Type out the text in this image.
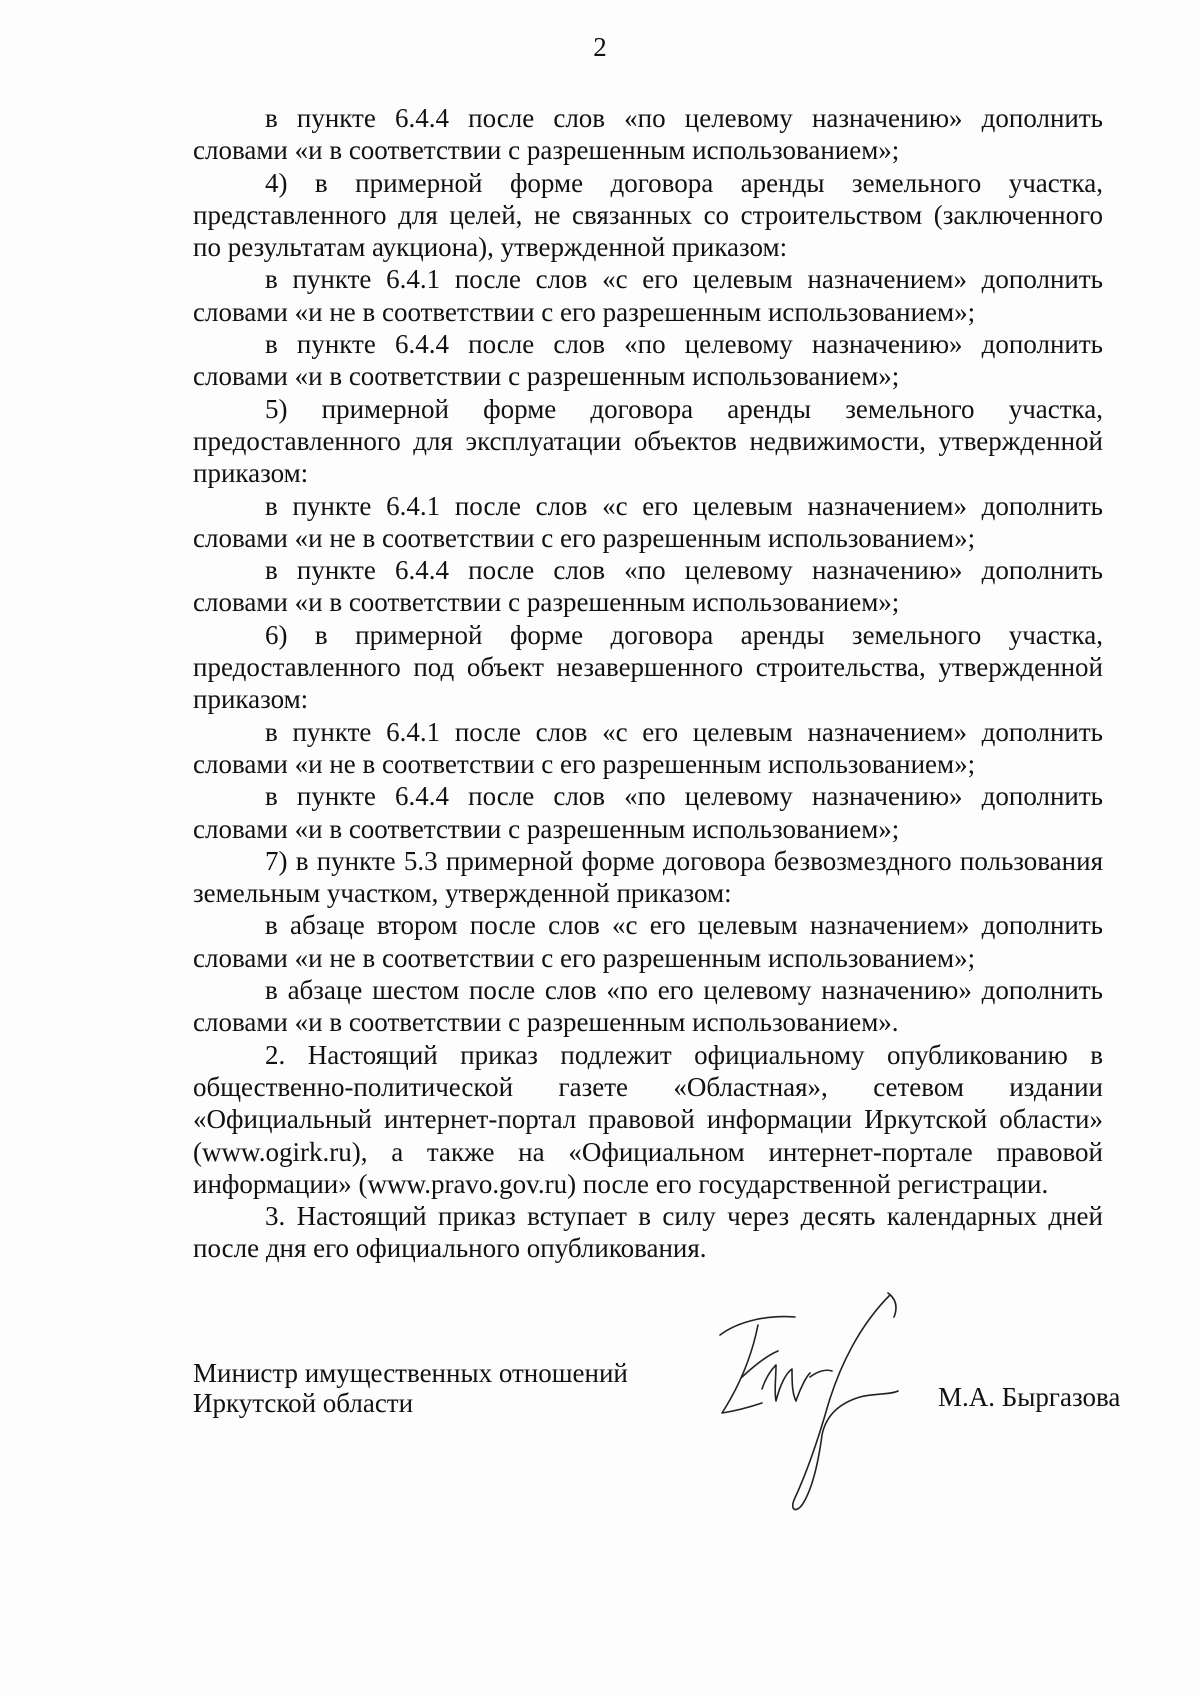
2

в пункте 6.4.4 после слов «по целевому назначению» дополнить словами «и в соответствии с разрешенным использованием»;

4) в примерной форме договора аренды земельного участка, представленного для целей, не связанных со строительством (заключенного по результатам аукциона), утвержденной приказом:

в пункте 6.4.1 после слов «с его целевым назначением» дополнить словами «и не в соответствии с его разрешенным использованием»;

в пункте 6.4.4 после слов «по целевому назначению» дополнить словами «и в соответствии с разрешенным использованием»;

5) примерной форме договора аренды земельного участка, предоставленного для эксплуатации объектов недвижимости, утвержденной приказом:

в пункте 6.4.1 после слов «с его целевым назначением» дополнить словами «и не в соответствии с его разрешенным использованием»;

в пункте 6.4.4 после слов «по целевому назначению» дополнить словами «и в соответствии с разрешенным использованием»;

6) в примерной форме договора аренды земельного участка, предоставленного под объект незавершенного строительства, утвержденной приказом:

в пункте 6.4.1 после слов «с его целевым назначением» дополнить словами «и не в соответствии с его разрешенным использованием»;

в пункте 6.4.4 после слов «по целевому назначению» дополнить словами «и в соответствии с разрешенным использованием»;

7) в пункте 5.3 примерной форме договора безвозмездного пользования земельным участком, утвержденной приказом:

в абзаце втором после слов «с его целевым назначением» дополнить словами «и не в соответствии с его разрешенным использованием»;

в абзаце шестом после слов «по его целевому назначению» дополнить словами «и в соответствии с разрешенным использованием».

2. Настоящий приказ подлежит официальному опубликованию в общественно-политической газете «Областная», сетевом издании «Официальный интернет-портал правовой информации Иркутской области» (www.ogirk.ru), а также на «Официальном интернет-портале правовой информации» (www.pravo.gov.ru) после его государственной регистрации.

3. Настоящий приказ вступает в силу через десять календарных дней после дня его официального опубликования.

Министр имущественных отношений
Иркутской области	М.А. Быргазова
